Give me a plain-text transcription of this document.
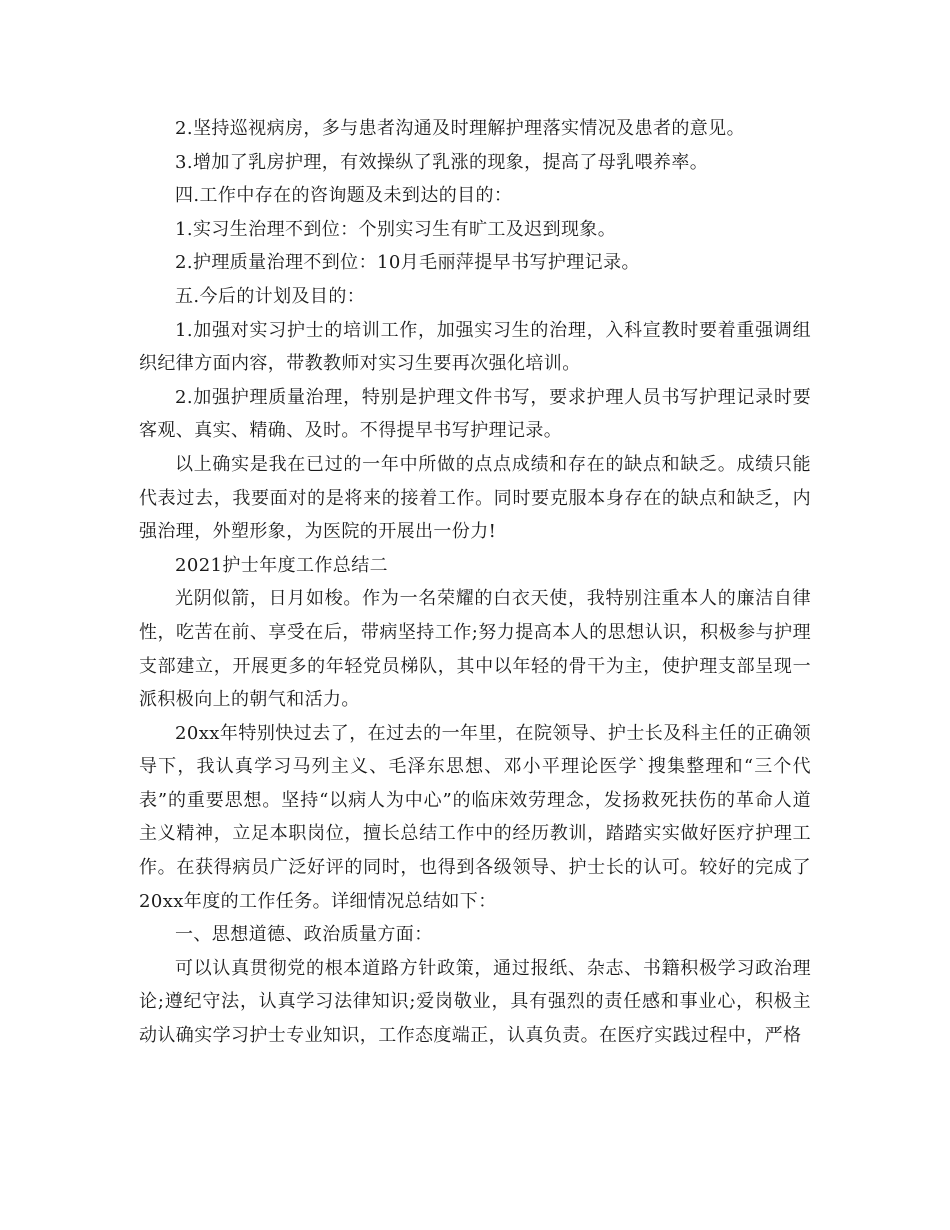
2.坚持巡视病房，多与患者沟通及时理解护理落实情况及患者的意见。

3.增加了乳房护理，有效操纵了乳涨的现象，提高了母乳喂养率。

四.工作中存在的咨询题及未到达的目的：

1.实习生治理不到位：个别实习生有旷工及迟到现象。

2.护理质量治理不到位：10月毛丽萍提早书写护理记录。

五.今后的计划及目的：

1.加强对实习护士的培训工作，加强实习生的治理，入科宣教时要着重强调组织纪律方面内容，带教教师对实习生要再次强化培训。

2.加强护理质量治理，特别是护理文件书写，要求护理人员书写护理记录时要客观、真实、精确、及时。不得提早书写护理记录。

以上确实是我在已过的一年中所做的点点成绩和存在的缺点和缺乏。成绩只能代表过去，我要面对的是将来的接着工作。同时要克服本身存在的缺点和缺乏，内强治理，外塑形象，为医院的开展出一份力!

2021护士年度工作总结二

光阴似箭，日月如梭。作为一名荣耀的白衣天使，我特别注重本人的廉洁自律性，吃苦在前、享受在后，带病坚持工作;努力提高本人的思想认识，积极参与护理支部建立，开展更多的年轻党员梯队，其中以年轻的骨干为主，使护理支部呈现一派积极向上的朝气和活力。

20xx年特别快过去了，在过去的一年里，在院领导、护士长及科主任的正确领导下，我认真学习马列主义、毛泽东思想、邓小平理论医学`搜集整理和“三个代表”的重要思想。坚持“以病人为中心”的临床效劳理念，发扬救死扶伤的革命人道主义精神，立足本职岗位，擅长总结工作中的经历教训，踏踏实实做好医疗护理工作。在获得病员广泛好评的同时，也得到各级领导、护士长的认可。较好的完成了20xx年度的工作任务。详细情况总结如下：

一、思想道德、政治质量方面：

可以认真贯彻党的根本道路方针政策，通过报纸、杂志、书籍积极学习政治理论;遵纪守法，认真学习法律知识;爱岗敬业，具有强烈的责任感和事业心，积极主动认确实学习护士专业知识，工作态度端正，认真负责。在医疗实践过程中，严格
